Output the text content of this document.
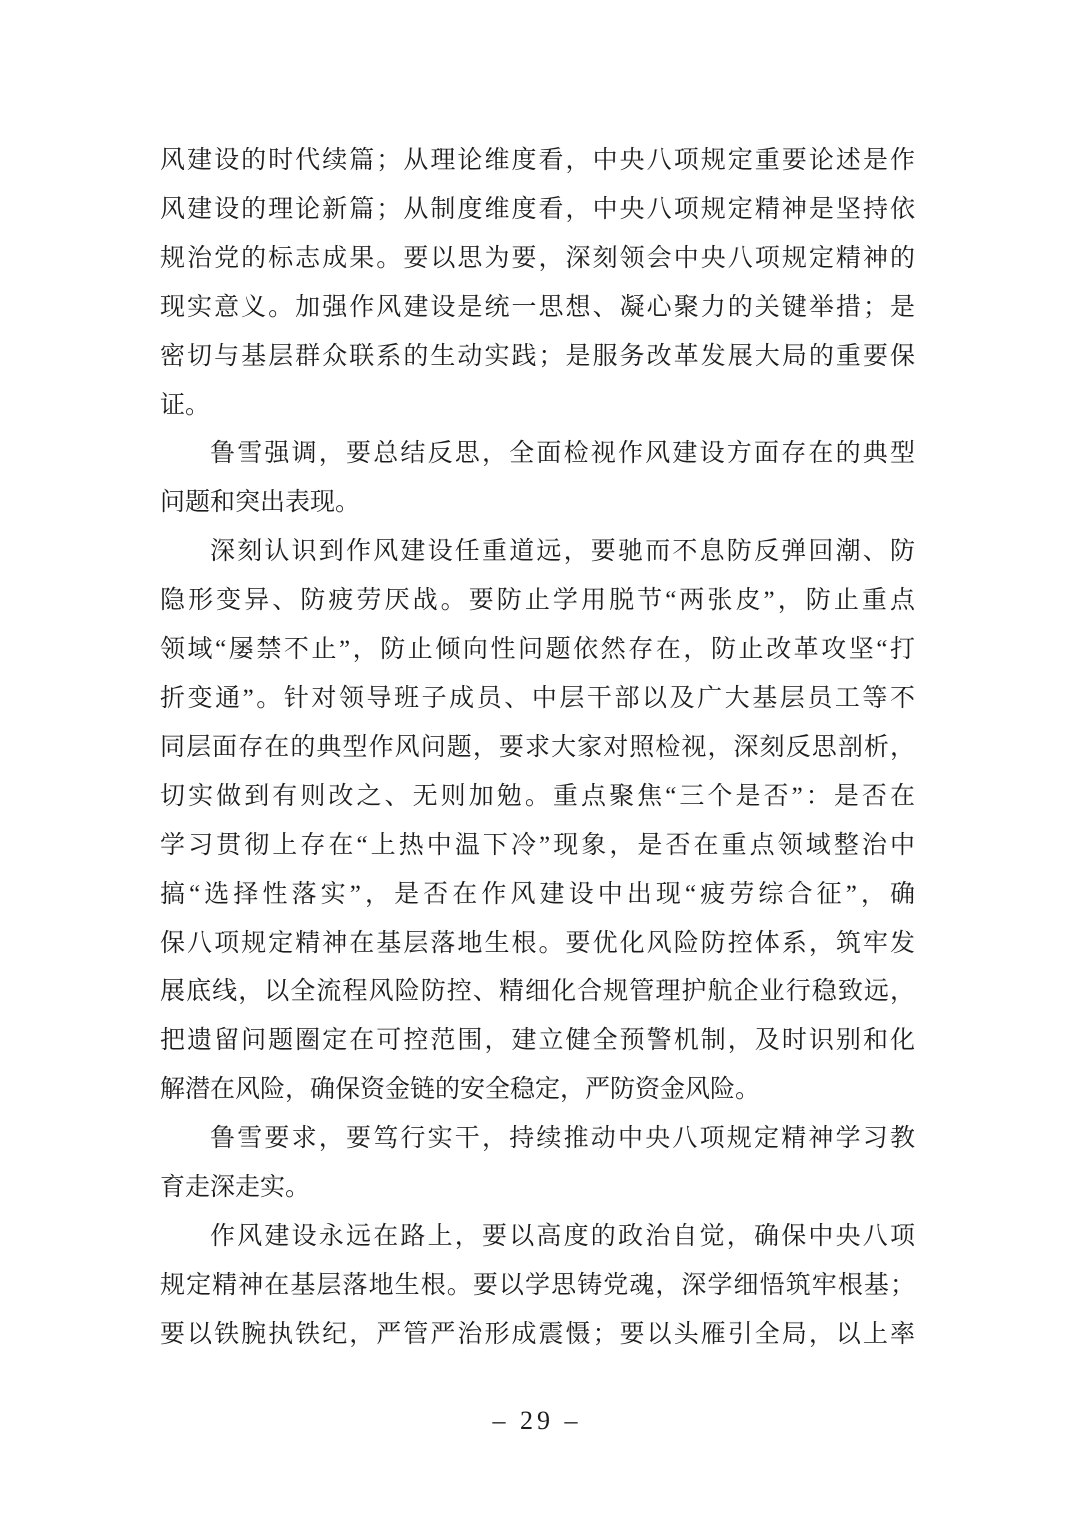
风建设的时代续篇；从理论维度看，中央八项规定重要论述是作
风建设的理论新篇；从制度维度看，中央八项规定精神是坚持依
规治党的标志成果。要以思为要，深刻领会中央八项规定精神的
现实意义。加强作风建设是统一思想、凝心聚力的关键举措；是
密切与基层群众联系的生动实践；是服务改革发展大局的重要保
证。
鲁雪强调，要总结反思，全面检视作风建设方面存在的典型
问题和突出表现。
深刻认识到作风建设任重道远，要驰而不息防反弹回潮、防
隐形变异、防疲劳厌战。要防止学用脱节“两张皮”，防止重点
领域“屡禁不止”，防止倾向性问题依然存在，防止改革攻坚“打
折变通”。针对领导班子成员、中层干部以及广大基层员工等不
同层面存在的典型作风问题，要求大家对照检视，深刻反思剖析，
切实做到有则改之、无则加勉。重点聚焦“三个是否”：是否在
学习贯彻上存在“上热中温下冷”现象，是否在重点领域整治中
搞“选择性落实”，是否在作风建设中出现“疲劳综合征”，确
保八项规定精神在基层落地生根。要优化风险防控体系，筑牢发
展底线，以全流程风险防控、精细化合规管理护航企业行稳致远，
把遗留问题圈定在可控范围，建立健全预警机制，及时识别和化
解潜在风险，确保资金链的安全稳定，严防资金风险。
鲁雪要求，要笃行实干，持续推动中央八项规定精神学习教
育走深走实。
作风建设永远在路上，要以高度的政治自觉，确保中央八项
规定精神在基层落地生根。要以学思铸党魂，深学细悟筑牢根基；
要以铁腕执铁纪，严管严治形成震慑；要以头雁引全局，以上率
– 29 –
